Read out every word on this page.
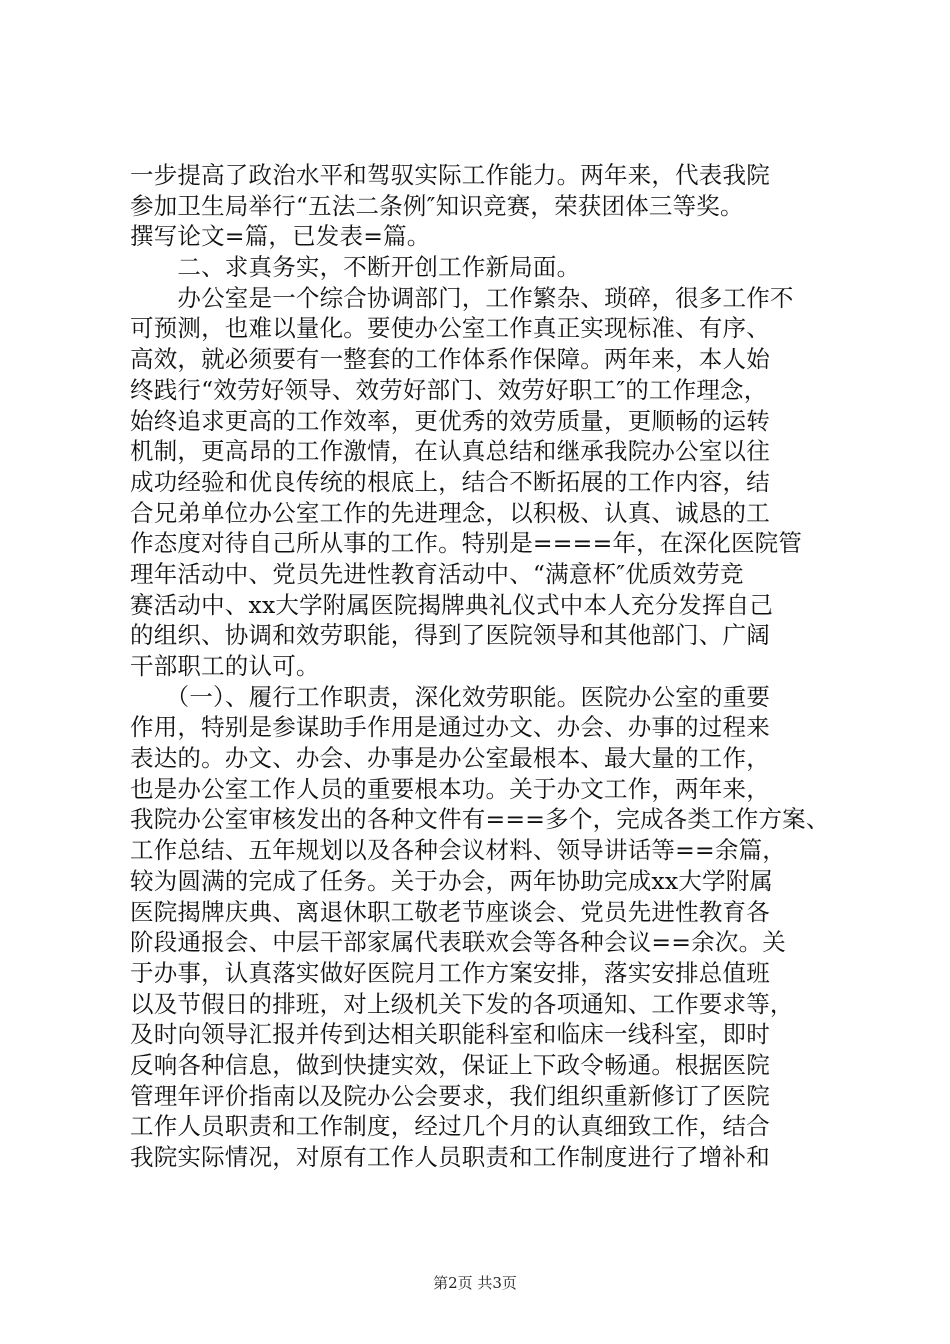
一步提高了政治水平和驾驭实际工作能力。两年来，代表我院
参加卫生局举行“五法二条例″知识竞赛，荣获团体三等奖。
撰写论文=篇，已发表=篇。
　　二、求真务实，不断开创工作新局面。
　　办公室是一个综合协调部门，工作繁杂、琐碎，很多工作不
可预测，也难以量化。要使办公室工作真正实现标准、有序、
高效，就必须要有一整套的工作体系作保障。两年来，本人始
终践行“效劳好领导、效劳好部门、效劳好职工″的工作理念，
始终追求更高的工作效率，更优秀的效劳质量，更顺畅的运转
机制，更高昂的工作激情，在认真总结和继承我院办公室以往
成功经验和优良传统的根底上，结合不断拓展的工作内容，结
合兄弟单位办公室工作的先进理念，以积极、认真、诚恳的工
作态度对待自己所从事的工作。特别是====年，在深化医院管
理年活动中、党员先进性教育活动中、“满意杯″优质效劳竞
赛活动中、xx大学附属医院揭牌典礼仪式中本人充分发挥自己
的组织、协调和效劳职能，得到了医院领导和其他部门、广阔
干部职工的认可。
　　（一）、履行工作职责，深化效劳职能。医院办公室的重要
作用，特别是参谋助手作用是通过办文、办会、办事的过程来
表达的。办文、办会、办事是办公室最根本、最大量的工作，
也是办公室工作人员的重要根本功。关于办文工作，两年来，
我院办公室审核发出的各种文件有===多个，完成各类工作方案、
工作总结、五年规划以及各种会议材料、领导讲话等==余篇，
较为圆满的完成了任务。关于办会，两年协助完成xx大学附属
医院揭牌庆典、离退休职工敬老节座谈会、党员先进性教育各
阶段通报会、中层干部家属代表联欢会等各种会议==余次。关
于办事，认真落实做好医院月工作方案安排，落实安排总值班
以及节假日的排班，对上级机关下发的各项通知、工作要求等，
及时向领导汇报并传到达相关职能科室和临床一线科室，即时
反响各种信息，做到快捷实效，保证上下政令畅通。根据医院
管理年评价指南以及院办公会要求，我们组织重新修订了医院
工作人员职责和工作制度，经过几个月的认真细致工作，结合
我院实际情况，对原有工作人员职责和工作制度进行了增补和
第2页 共3页
